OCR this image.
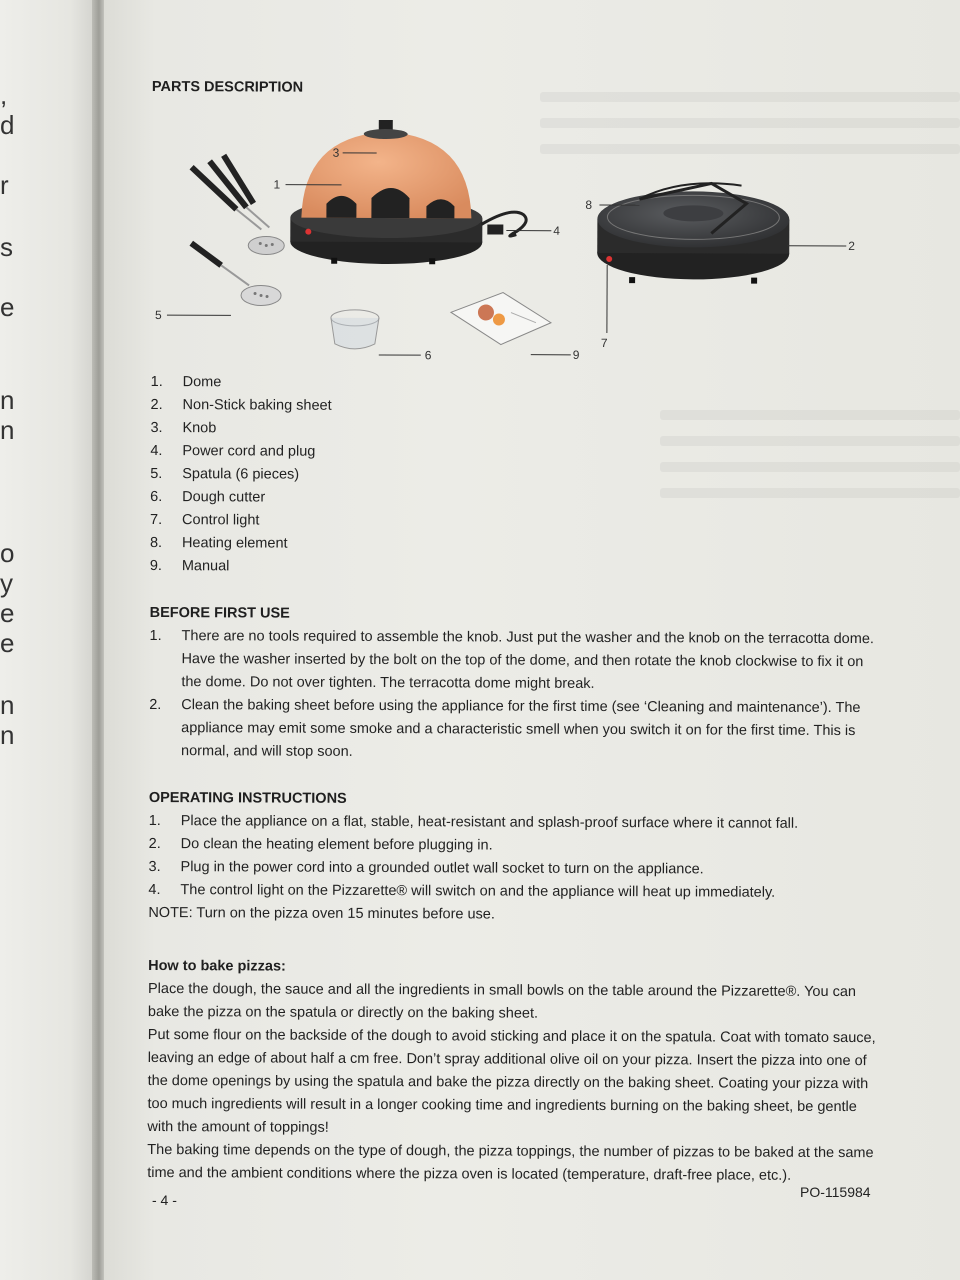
,
d
r
s
e
n
n
o
y
e
e
n
n
PARTS DESCRIPTION
1
2
3
4
5
6
7
8
9
1.	Dome
2.	Non-Stick baking sheet
3.	Knob
4.	Power cord and plug
5.	Spatula (6 pieces)
6.	Dough cutter
7.	Control light
8.	Heating element
9.	Manual
BEFORE FIRST USE
1.	There are no tools required to assemble the knob. Just put the washer and the knob on the terracotta dome. Have the washer inserted by the bolt on the top of the dome, and then rotate the knob clockwise to fix it on the dome. Do not over tighten. The terracotta dome might break.
2.	Clean the baking sheet before using the appliance for the first time (see ‘Cleaning and maintenance’). The appliance may emit some smoke and a characteristic smell when you switch it on for the first time. This is normal, and will stop soon.
OPERATING INSTRUCTIONS
1.	Place the appliance on a flat, stable, heat-resistant and splash-proof surface where it cannot fall.
2.	Do clean the heating element before plugging in.
3.	Plug in the power cord into a grounded outlet wall socket to turn on the appliance.
4.	The control light on the Pizzarette® will switch on and the appliance will heat up immediately.

NOTE: Turn on the pizza oven 15 minutes before use.

How to bake pizzas:

Place the dough, the sauce and all the ingredients in small bowls on the table around the Pizzarette®. You can bake the pizza on the spatula or directly on the baking sheet.

Put some flour on the backside of the dough to avoid sticking and place it on the spatula. Coat with tomato sauce, leaving an edge of about half a cm free. Don’t spray additional olive oil on your pizza. Insert the pizza into one of the dome openings by using the spatula and bake the pizza directly on the baking sheet. Coating your pizza with too much ingredients will result in a longer cooking time and ingredients burning on the baking sheet, be gentle with the amount of toppings!

The baking time depends on the type of dough, the pizza toppings, the number of pizzas to be baked at the same time and the ambient conditions where the pizza oven is located (temperature, draft-free place, etc.).

- 4 -	PO-115984
